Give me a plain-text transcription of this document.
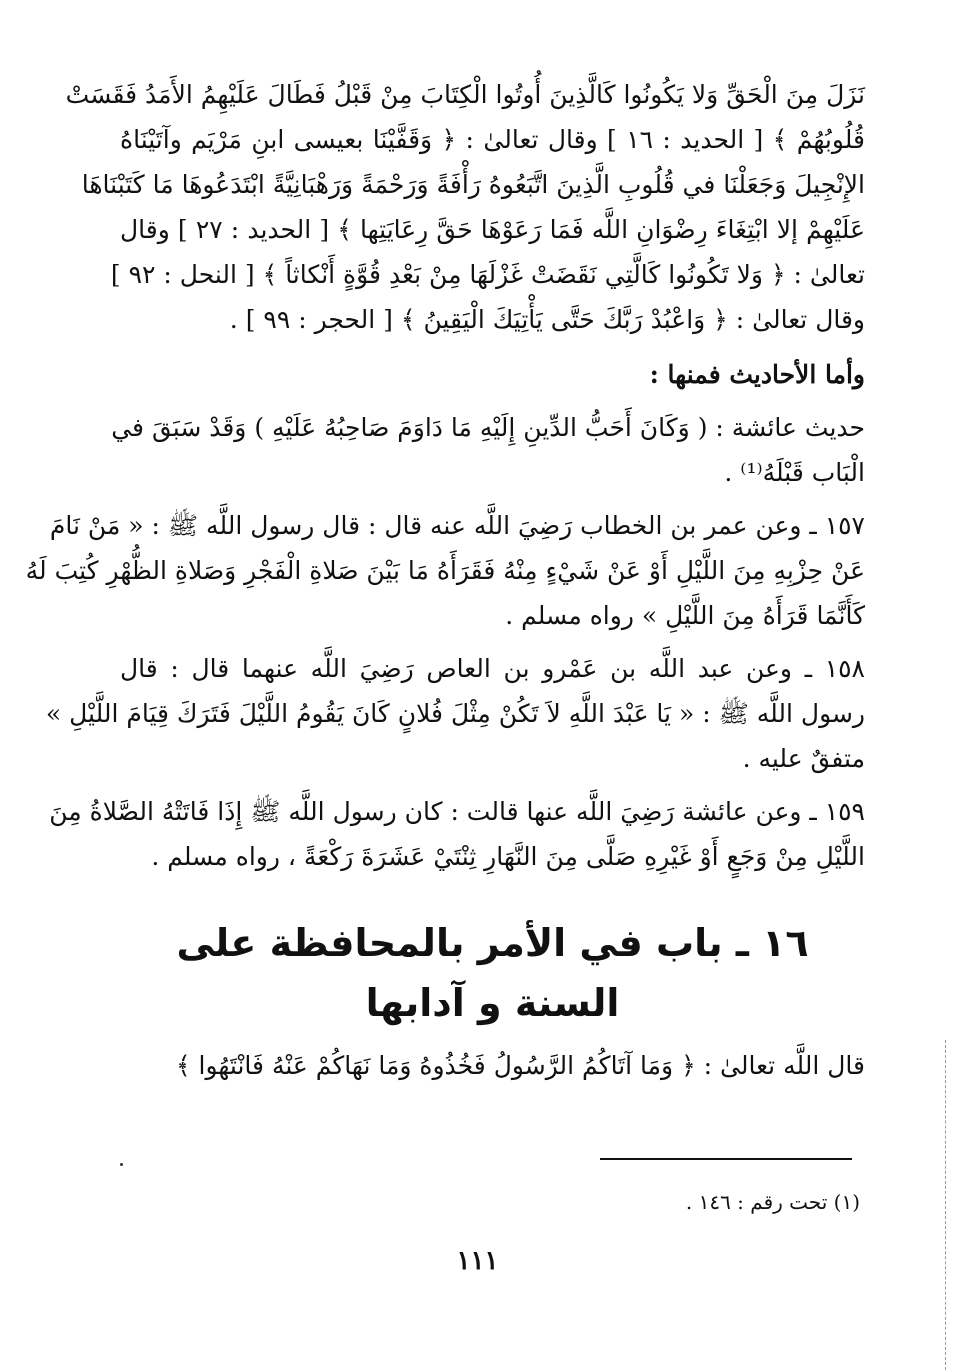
نَزَلَ مِنَ الْحَقِّ وَلا يَكُونُوا كَالَّذِينَ أُوتُوا الْكِتَابَ مِنْ قَبْلُ فَطَالَ عَلَيْهِمُ الأَمَدُ فَقَسَتْ
قُلُوبُهُمْ ﴾ [ الحديد : ١٦ ] وقال تعالىٰ : ﴿ وَقَفَّيْنَا بعيسى ابنِ مَرْيَم وآتَيْنَاهُ
الإِنْجِيلَ وَجَعَلْنَا في قُلُوبِ الَّذِينَ اتَّبَعُوهُ رَأْفَةً وَرَحْمَةً وَرَهْبَانِيَّةً ابْتَدَعُوهَا مَا كَتَبْنَاهَا
عَلَيْهِمْ إلا ابْتِغَاءَ رِضْوَانِ اللَّه فَمَا رَعَوْهَا حَقَّ رِعَايَتِها ﴾ [ الحديد : ٢٧ ] وقال
تعالىٰ : ﴿ وَلا تَكُونُوا كَالَّتِي نَقَضَتْ غَزْلَهَا مِنْ بَعْدِ قُوَّةٍ أَنْكاثاً ﴾ [ النحل : ٩٢ ]
وقال تعالىٰ : ﴿ وَاعْبُدْ رَبَّكَ حَتَّى يَأْتِيَكَ الْيَقِينُ ﴾ [ الحجر : ٩٩ ] .
وأما الأحاديث فمنها :
حديث عائشة : ( وَكَانَ أَحَبُّ الدِّينِ إِلَيْهِ مَا دَاوَمَ صَاحِبُهُ عَلَيْهِ ) وَقَدْ سَبَقَ في
الْبَاب قَبْلَهُ⁽¹⁾ .
١٥٧ ـ وعن عمر بن الخطاب رَضِيَ اللَّه عنه قال : قال رسول اللَّه ﷺ : « مَنْ نَامَ
عَنْ حِزْبِهِ مِنَ اللَّيْلِ أَوْ عَنْ شَيْءٍ مِنْهُ فَقَرَأَهُ مَا بَيْنَ صَلاةِ الْفَجْرِ وَصَلاةِ الظُّهْرِ كُتِبَ لَهُ
كَأَنَّمَا قَرَأَهُ مِنَ اللَّيْلِ » رواه مسلم .
١٥٨ ـ وعن عبد اللَّه بن عَمْرو بن العاص رَضِيَ اللَّه عنهما قال : قال
رسول اللَّه ﷺ : « يَا عَبْدَ اللَّهِ لاَ تَكُنْ مِثْلَ فُلانٍ كَانَ يَقُومُ اللَّيْلَ فَتَرَكَ قِيَامَ اللَّيْلِ »
متفقٌ عليه .
١٥٩ ـ وعن عائشة رَضِيَ اللَّه عنها قالت : كان رسول اللَّه ﷺ إِذَا فَاتَتْهُ الصَّلاةُ مِنَ
اللَّيْلِ مِنْ وَجَعٍ أَوْ غَيْرِهِ صَلَّى مِنَ النَّهَارِ ثِنْتَيْ عَشَرَةَ رَكْعَةً ، رواه مسلم .
١٦ ـ باب في الأمر بالمحافظة على السنة و آدابها
قال اللَّه تعالىٰ : ﴿ وَمَا آتَاكُمُ الرَّسُولُ فَخُذُوهُ وَمَا نَهَاكُمْ عَنْهُ فَانْتَهُوا ﴾
(١) تحت رقم : ١٤٦ .
١١١
